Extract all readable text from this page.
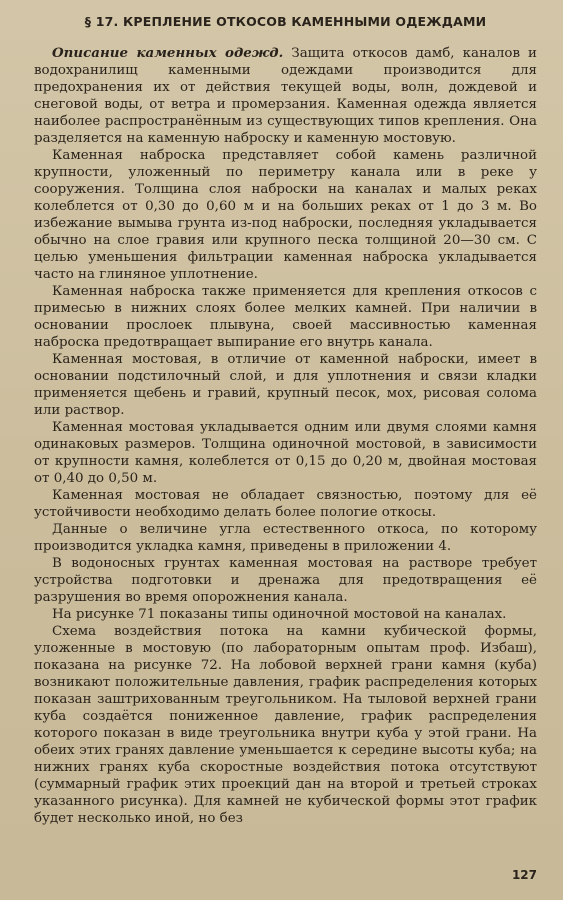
§ 17. КРЕПЛЕНИЕ ОТКОСОВ КАМЕННЫМИ ОДЕЖДАМИ

Описание каменных одежд. Защита откосов дамб, каналов и водохранилищ каменными одеждами производится для предохранения их от действия текущей воды, волн, дождевой и снеговой воды, от ветра и промерзания. Каменная одежда является наиболее распространённым из существующих типов крепления. Она разделяется на каменную наброску и каменную мостовую.

Каменная наброска представляет собой камень различной крупности, уложенный по периметру канала или в реке у сооружения. Толщина слоя наброски на каналах и малых реках колеблется от 0,30 до 0,60 м и на больших реках от 1 до 3 м. Во избежание вымыва грунта из-под наброски, последняя укладывается обычно на слое гравия или крупного песка толщиной 20—30 см. С целью уменьшения фильтрации каменная наброска укладывается часто на глиняное уплотнение.

Каменная наброска также применяется для крепления откосов с примесью в нижних слоях более мелких камней. При наличии в основании прослоек плывуна, своей массивностью каменная наброска предотвращает выпирание его внутрь канала.

Каменная мостовая, в отличие от каменной наброски, имеет в основании подстилочный слой, и для уплотнения и связи кладки применяется щебень и гравий, крупный песок, мох, рисовая солома или раствор.

Каменная мостовая укладывается одним или двумя слоями камня одинаковых размеров. Толщина одиночной мостовой, в зависимости от крупности камня, колеблется от 0,15 до 0,20 м, двойная мостовая от 0,40 до 0,50 м.

Каменная мостовая не обладает связностью, поэтому для её устойчивости необходимо делать более пологие откосы.

Данные о величине угла естественного откоса, по которому производится укладка камня, приведены в приложении 4.

В водоносных грунтах каменная мостовая на растворе требует устройства подготовки и дренажа для предотвращения её разрушения во время опорожнения канала.

На рисунке 71 показаны типы одиночной мостовой на каналах.

Схема воздействия потока на камни кубической формы, уложенные в мостовую (по лабораторным опытам проф. Избаш), показана на рисунке 72. На лобовой верхней грани камня (куба) возникают положительные давления, график распределения которых показан заштрихованным треугольником. На тыловой верхней грани куба создаётся пониженное давление, график распределения которого показан в виде треугольника внутри куба у этой грани. На обеих этих гранях давление уменьшается к середине высоты куба; на нижних гранях куба скоростные воздействия потока отсутствуют (суммарный график этих проекций дан на второй и третьей строках указанного рисунка). Для камней не кубической формы этот график будет несколько иной, но без

127
